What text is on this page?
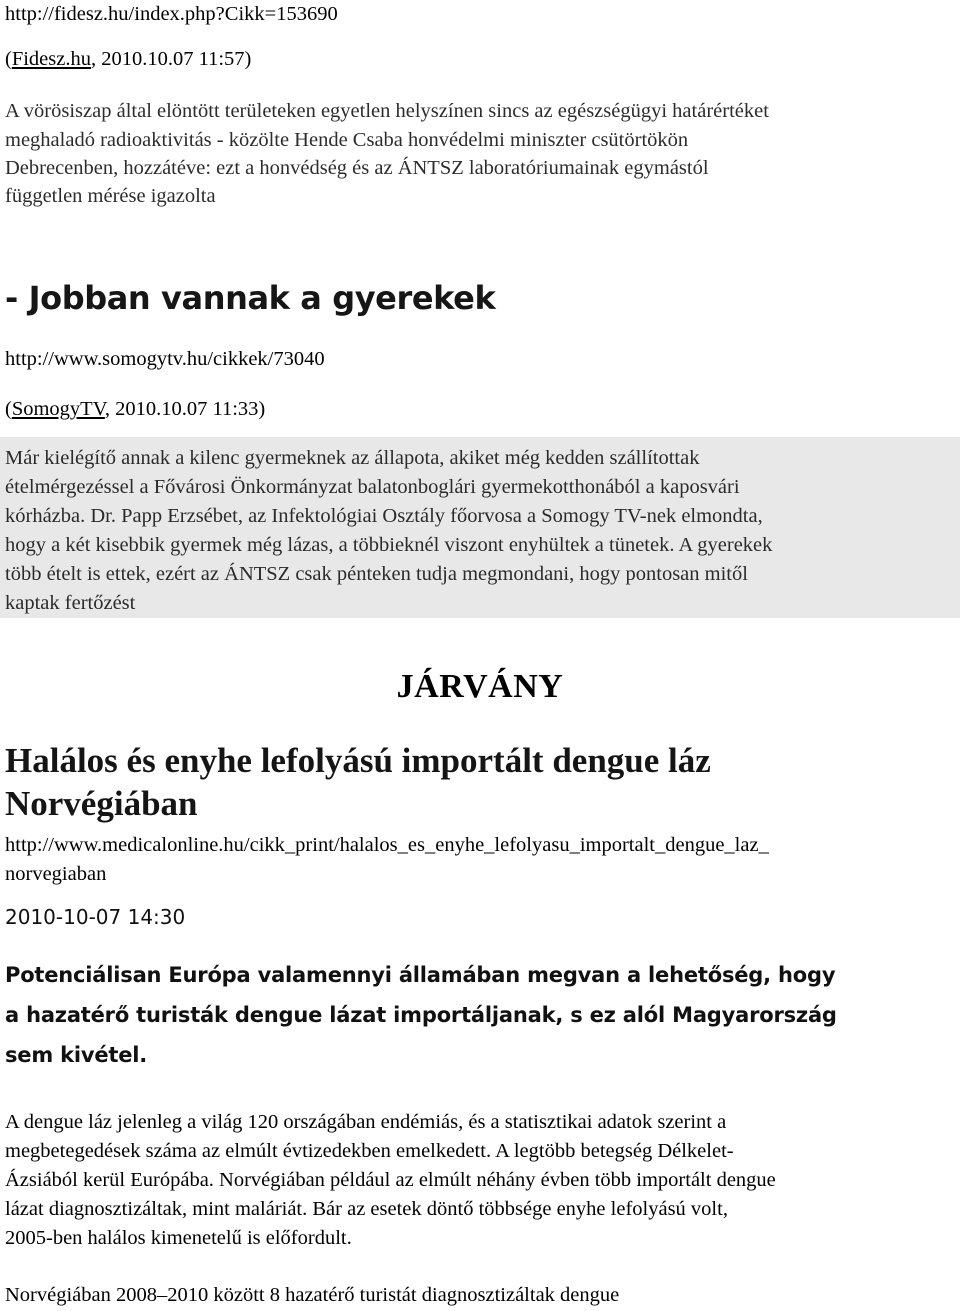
http://fidesz.hu/index.php?Cikk=153690

(Fidesz.hu, 2010.10.07 11:57)

A vörösiszap által elöntött területeken egyetlen helyszínen sincs az egészségügyi határértéket

meghaladó radioaktivitás - közölte Hende Csaba honvédelmi miniszter csütörtökön

Debrecenben, hozzátéve: ezt a honvédség és az ÁNTSZ laboratóriumainak egymástól

független mérése igazolta

- Jobban vannak a gyerekek

http://www.somogytv.hu/cikkek/73040

(SomogyTV, 2010.10.07 11:33)

Már kielégítő annak a kilenc gyermeknek az állapota, akiket még kedden szállítottak

ételmérgezéssel a Fővárosi Önkormányzat balatonboglári gyermekotthonából a kaposvári

kórházba. Dr. Papp Erzsébet, az Infektológiai Osztály főorvosa a Somogy TV-nek elmondta,

hogy a két kisebbik gyermek még lázas, a többieknél viszont enyhültek a tünetek. A gyerekek

több ételt is ettek, ezért az ÁNTSZ csak pénteken tudja megmondani, hogy pontosan mitől

kaptak fertőzést

JÁRVÁNY

Halálos és enyhe lefolyású importált dengue láz

Norvégiában

http://www.medicalonline.hu/cikk_print/halalos_es_enyhe_lefolyasu_importalt_dengue_laz_

norvegiaban

2010-10-07 14:30

Potenciálisan Európa valamennyi államában megvan a lehetőség, hogy

a hazatérő turisták dengue lázat importáljanak, s ez alól Magyarország

sem kivétel.

A dengue láz jelenleg a világ 120 országában endémiás, és a statisztikai adatok szerint a

megbetegedések száma az elmúlt évtizedekben emelkedett. A legtöbb betegség Délkelet-

Ázsiából kerül Európába. Norvégiában például az elmúlt néhány évben több importált dengue

lázat diagnosztizáltak, mint maláriát. Bár az esetek döntő többsége enyhe lefolyású volt,

2005-ben halálos kimenetelű is előfordult.

Norvégiában 2008–2010 között 8 hazatérő turistát diagnosztizáltak dengue
